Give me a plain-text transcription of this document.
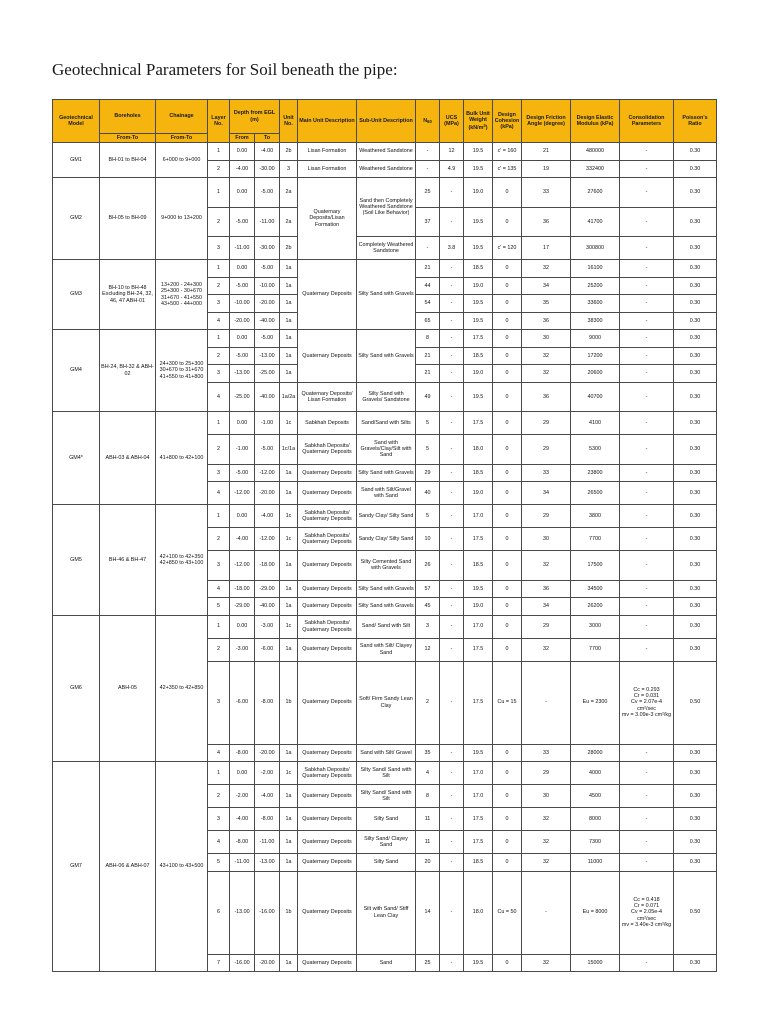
Geotechnical Parameters for Soil beneath the pipe:
Geotechnical Model	Boreholes	Chainage	Layer No.	Depth from EGL (m)		Unit No.	Main Unit Description	Sub-Unit Description	$N_{60}$	UCS (MPa)	Bulk Unit Weight $(kN/m^3)$	Design Cohesion (kPa)	Design Friction Angle (degree)	Design Elastic Modulus (kPa)	Consolidation Parameters	Poisson's Ratio
	From-To	From-To		From	To											
GM1	BH-01 to BH-04	6+000 to 9+000	1	0.00	-4.00	2b	Lisan Formation	Weathered Sandstone	-	12	19.5	c' = 160	21	480000	-	0.30
			2	-4.00	-30.00	3	Lisan Formation	Weathered Sandstone	-	4.9	19.5	c' = 135	19	332400	-	0.30
GM2	BH-05 to BH-09	9+000 to 13+200	1	0.00	-5.00	2a	Quaternary Deposits/Lisan Formation	Sand then Completely Weathered Sandstone (Soil Like Behavior)	25	-	19.0	0	33	27600	-	0.30
			2	-5.00	-11.00	2a			37	-	19.5	0	36	41700	-	0.30
			3	-11.00	-30.00	2b		Completely Weathered Sandstone	-	3.8	19.5	c' = 120	17	300800	-	0.30
GM3	BH-10 to BH-48 Excluding BH-24, 32, 46, 47 ABH-01	13+200 - 24+300 25+300 - 30+670 31+670 - 41+550 43+500 - 44+000	1	0.00	-5.00	1a	Quaternary Deposits	Silty Sand with Gravels	21	-	18.5	0	32	16100	-	0.30
			2	-5.00	-10.00	1a			44	-	19.0	0	34	25200	-	0.30
			3	-10.00	-20.00	1a			54	-	19.5	0	35	33600	-	0.30
			4	-20.00	-40.00	1a			65	-	19.5	0	36	38300	-	0.30
GM4	BH-24, BH-32 & ABH-02	24+300 to 25+300 30+670 to 31+670 41+550 to 41+800	1	0.00	-5.00	1a	Quaternary Deposits	Silty Sand with Gravels	8	-	17.5	0	30	9000	-	0.30
			2	-5.00	-13.00	1a			21	-	18.5	0	32	17200	-	0.30
			3	-13.00	-25.00	1a			21	-	19.0	0	32	20600	-	0.30
			4	-25.00	-40.00	1a/2a	Quaternary Deposits/ Lisan Formation	Silty Sand with Gravels/ Sandstone	49	-	19.5	0	36	40700	-	0.30
GM4*	ABH-03 & ABH-04	41+800 to 42+100	1	0.00	-1.00	1c	Sabkhah Deposits	Sand/Sand with Silts	5	-	17.5	0	29	4100	-	0.30
			2	-1.00	-5.00	1c/1a	Sabkhah Deposits/ Quaternary Deposits	Sand with Gravels/Clay/Silt with Sand	5	-	18.0	0	29	5300	-	0.30
			3	-5.00	-12.00	1a	Quaternary Deposits	Silty Sand with Gravels	29	-	18.5	0	33	23800	-	0.30
			4	-12.00	-20.00	1a	Quaternary Deposits	Sand with Silt/Gravel with Sand	40	-	19.0	0	34	26500	-	0.30
GM5	BH-46 & BH-47	42+100 to 42+350 42+850 to 43+100	1	0.00	-4.00	1c	Sabkhah Deposits/ Quaternary Deposits	Sandy Clay/ Silty Sand	5	-	17.0	0	29	3800	-	0.30
			2	-4.00	-12.00	1c	Sabkhah Deposits/ Quaternary Deposits	Sandy Clay/ Silty Sand	10	-	17.5	0	30	7700	-	0.30
			3	-12.00	-18.00	1a	Quaternary Deposits	Silty Cemented Sand with Gravels	26	-	18.5	0	32	17500	-	0.30
			4	-18.00	-29.00	1a	Quaternary Deposits	Silty Sand with Gravels	57	-	19.5	0	36	34500	-	0.30
			5	-29.00	-40.00	1a	Quaternary Deposits	Silty Sand with Gravels	45	-	19.0	0	34	26200	-	0.30
GM6	ABH-05	42+350 to 42+850	1	0.00	-3.00	1c	Sabkhah Deposits/ Quaternary Deposits	Sand/ Sand with Silt	3	-	17.0	0	29	3000	-	0.30
			2	-3.00	-6.00	1a	Quaternary Deposits	Sand with Silt/ Clayey Sand	12	-	17.5	0	32	7700	-	0.30
			3	-6.00	-8.00	1b	Quaternary Deposits	Soft/ Firm Sandy Lean Clay	2	-	17.5	Cu = 15	-	Eu = 2300	Cc = 0.293
Cr = 0.031
Cv = 2.07e-4 cm²/sec
mv = 3.09e-3 cm²/kg	0.50
			4	-8.00	-20.00	1a	Quaternary Deposits	Sand with Silt/ Gravel	35	-	19.5	0	33	28000	-	0.30
GM7	ABH-06 & ABH-07	43+100 to 43+500	1	0.00	-2.00	1c	Sabkhah Deposits/ Quaternary Deposits	Silty Sand/ Sand with Silt	4	-	17.0	0	29	4000	-	0.30
			2	-2.00	-4.00	1a	Quaternary Deposits	Silty Sand/ Sand with Silt	8	-	17.0	0	30	4500	-	0.30
			3	-4.00	-8.00	1a	Quaternary Deposits	Silty Sand	11	-	17.5	0	32	8000	-	0.30
			4	-8.00	-11.00	1a	Quaternary Deposits	Silty Sand/ Clayey Sand	11	-	17.5	0	32	7300	-	0.30
			5	-11.00	-13.00	1a	Quaternary Deposits	Silty Sand	20	-	18.5	0	32	11000	-	0.30
			6	-13.00	-16.00	1b	Quaternary Deposits	Silt with Sand/ Stiff Lean Clay	14	-	18.0	Cu = 50	-	Eu = 8000	Cc = 0.418
Cr = 0.071
Cv = 2.05e-4 cm²/sec
mv = 3.40e-3 cm²/kg	0.50
			7	-16.00	-20.00	1a	Quaternary Deposits	Sand	25	-	19.5	0	32	15000	-	0.30
